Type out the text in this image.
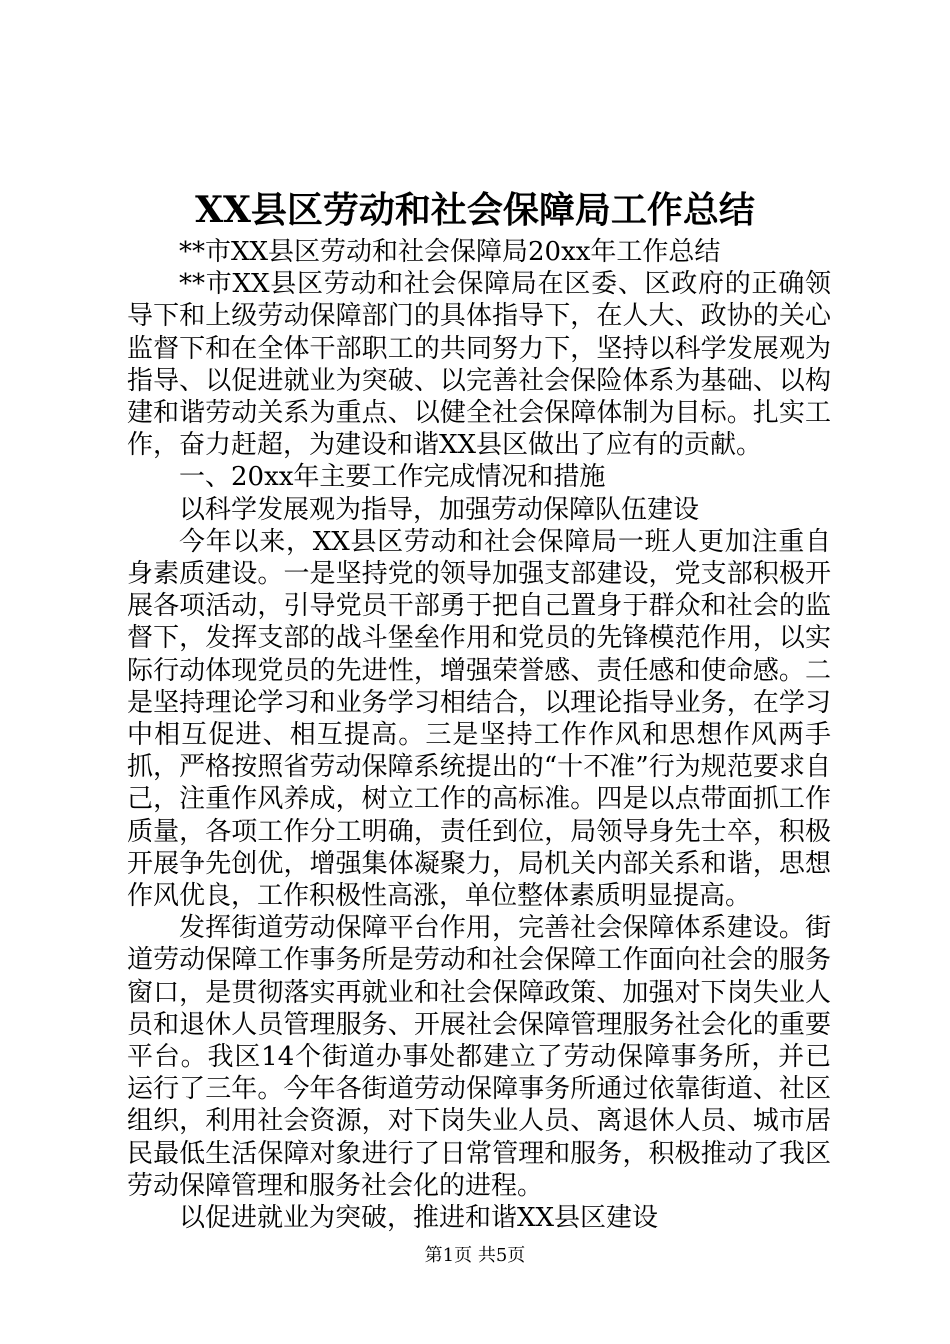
XX县区劳动和社会保障局工作总结

**市XX县区劳动和社会保障局20xx年工作总结

**市XX县区劳动和社会保障局在区委、区政府的正确领导下和上级劳动保障部门的具体指导下，在人大、政协的关心监督下和在全体干部职工的共同努力下，坚持以科学发展观为指导、以促进就业为突破、以完善社会保险体系为基础、以构建和谐劳动关系为重点、以健全社会保障体制为目标。扎实工作，奋力赶超，为建设和谐XX县区做出了应有的贡献。

一、20xx年主要工作完成情况和措施

以科学发展观为指导，加强劳动保障队伍建设

今年以来，XX县区劳动和社会保障局一班人更加注重自身素质建设。一是坚持党的领导加强支部建设，党支部积极开展各项活动，引导党员干部勇于把自己置身于群众和社会的监督下，发挥支部的战斗堡垒作用和党员的先锋模范作用，以实际行动体现党员的先进性，增强荣誉感、责任感和使命感。二是坚持理论学习和业务学习相结合，以理论指导业务，在学习中相互促进、相互提高。三是坚持工作作风和思想作风两手抓，严格按照省劳动保障系统提出的“十不准”行为规范要求自己，注重作风养成，树立工作的高标准。四是以点带面抓工作质量，各项工作分工明确，责任到位，局领导身先士卒，积极开展争先创优，增强集体凝聚力，局机关内部关系和谐，思想作风优良，工作积极性高涨，单位整体素质明显提高。

发挥街道劳动保障平台作用，完善社会保障体系建设。街道劳动保障工作事务所是劳动和社会保障工作面向社会的服务窗口，是贯彻落实再就业和社会保障政策、加强对下岗失业人员和退休人员管理服务、开展社会保障管理服务社会化的重要平台。我区14个街道办事处都建立了劳动保障事务所，并已运行了三年。今年各街道劳动保障事务所通过依靠街道、社区组织，利用社会资源，对下岗失业人员、离退休人员、城市居民最低生活保障对象进行了日常管理和服务，积极推动了我区劳动保障管理和服务社会化的进程。

以促进就业为突破，推进和谐XX县区建设

第1页 共5页
